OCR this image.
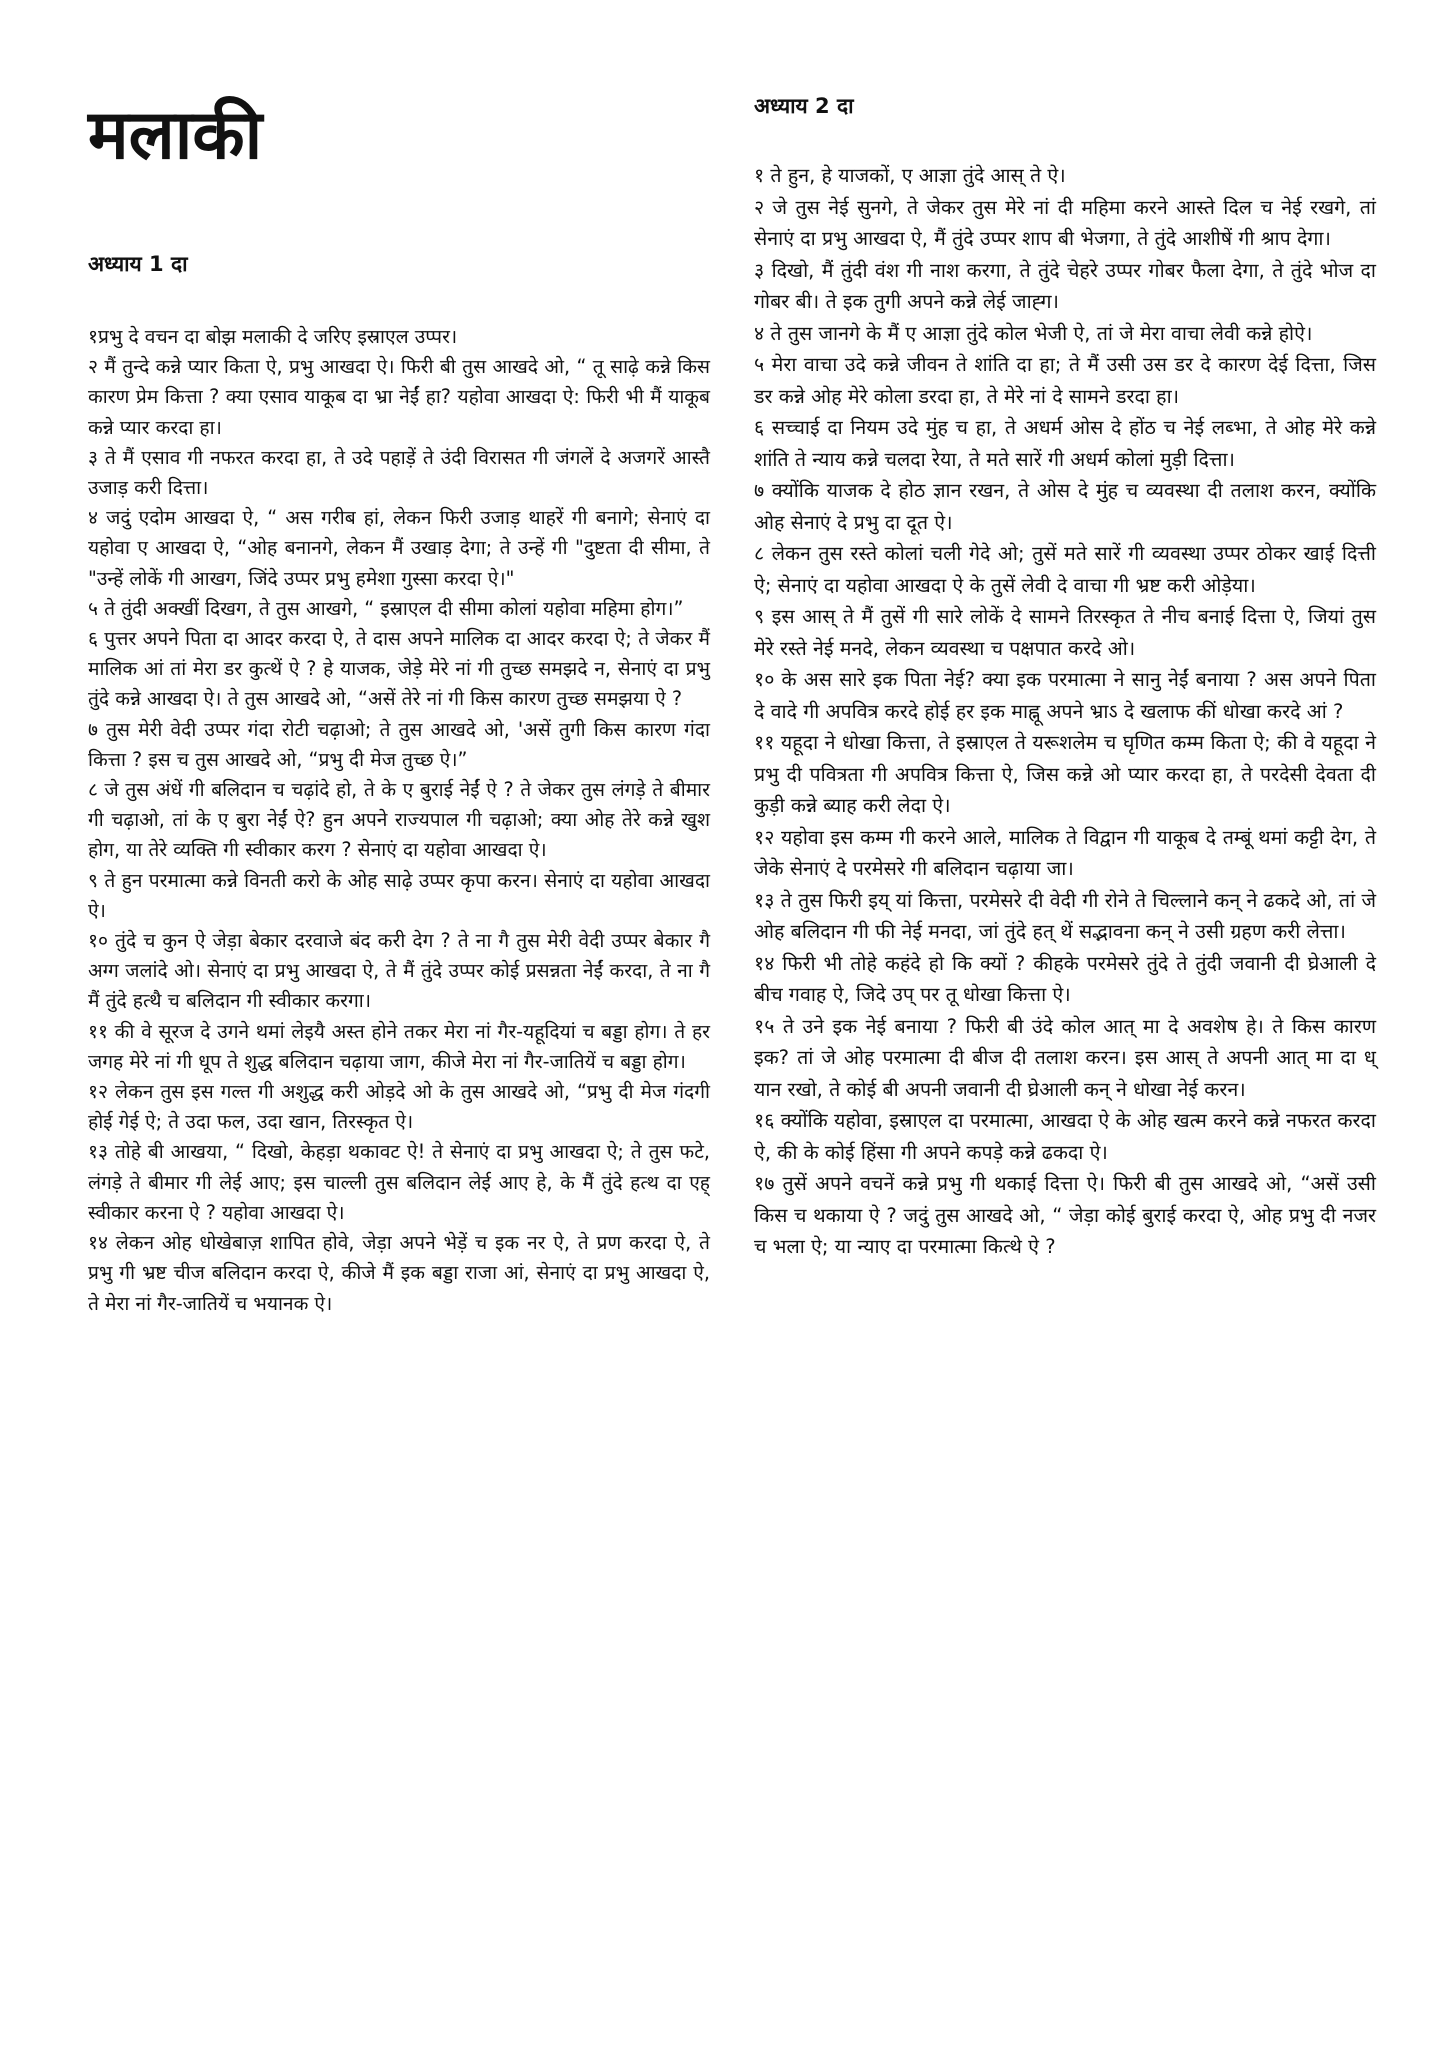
मलाकी
अध्याय 1 दा

१प्रभु दे वचन दा बोझ मलाकी दे जरिए इस्राएल उप्पर।

२ मैं तुन्दे कन्ने प्यार किता ऐ, प्रभु आखदा ऐ। फिरी बी तुस आखदे ओ, “ तू साढ़े कन्ने किस कारण प्रेम कित्ता ? क्या एसाव याकूब दा भ्रा नेईं हा? यहोवा आखदा ऐ: फिरी भी मैं याकूब कन्ने प्यार करदा हा।

३ ते मैं एसाव गी नफरत करदा हा, ते उदे पहाड़ें ते उंदी विरासत गी जंगलें दे अजगरें आस्तै उजाड़ करी दित्ता।

४ जदुं एदोम आखदा ऐ, “ अस गरीब हां, लेकन फिरी उजाड़ थाहरें गी बनागे; सेनाएं दा यहोवा ए आखदा ऐ, “ओह बनानगे, लेकन मैं उखाड़ देगा; ते उन्हें गी "दुष्टता दी सीमा, ते "उन्हें लोकें गी आखग, जिंदे उप्पर प्रभु हमेशा गुस्सा करदा ऐ।"

५ ते तुंदी अक्खीं दिखग, ते तुस आखगे, “ इस्राएल दी सीमा कोलां यहोवा महिमा होग।”

६ पुत्तर अपने पिता दा आदर करदा ऐ, ते दास अपने मालिक दा आदर करदा ऐ; ते जेकर मैं मालिक आं तां मेरा डर कुत्थें ऐ ? हे याजक, जेड़े मेरे नां गी तुच्छ समझदे न, सेनाएं दा प्रभु तुंदे कन्ने आखदा ऐ। ते तुस आखदे ओ, “असें तेरे नां गी किस कारण तुच्छ समझया ऐ ?

७ तुस मेरी वेदी उप्पर गंदा रोटी चढ़ाओ; ते तुस आखदे ओ, 'असें तुगी किस कारण गंदा कित्ता ? इस च तुस आखदे ओ, “प्रभु दी मेज तुच्छ ऐ।”

८ जे तुस अंधें गी बलिदान च चढ़ांदे हो, ते के ए बुराई नेईं ऐ ? ते जेकर तुस लंगड़े ते बीमार गी चढ़ाओ, तां के ए बुरा नेईं ऐ? हुन अपने राज्यपाल गी चढ़ाओ; क्या ओह तेरे कन्ने खुश होग, या तेरे व्यक्ति गी स्वीकार करग ? सेनाएं दा यहोवा आखदा ऐ।

९ ते हुन परमात्मा कन्ने विनती करो के ओह साढ़े उप्पर कृपा करन। सेनाएं दा यहोवा आखदा ऐ।

१० तुंदे च कुन ऐ जेड़ा बेकार दरवाजे बंद करी देग ? ते ना गै तुस मेरी वेदी उप्पर बेकार गै अग्ग जलांदे ओ। सेनाएं दा प्रभु आखदा ऐ, ते मैं तुंदे उप्पर कोई प्रसन्नता नेईं करदा, ते ना गै मैं तुंदे हत्थै च बलिदान गी स्वीकार करगा।

११ की वे सूरज दे उगने थमां लेइयै अस्त होने तकर मेरा नां गैर-यहूदियां च बड्डा होग। ते हर जगह मेरे नां गी धूप ते शुद्ध बलिदान चढ़ाया जाग, कीजे मेरा नां गैर-जातियें च बड्डा होग।

१२ लेकन तुस इस गल्त गी अशुद्ध करी ओड़दे ओ के तुस आखदे ओ, “प्रभु दी मेज गंदगी होई गेई ऐ; ते उदा फल, उदा खान, तिरस्कृत ऐ।

१३ तोहे बी आखया, “ दिखो, केहड़ा थकावट ऐ! ते सेनाएं दा प्रभु आखदा ऐ; ते तुस फटे, लंगड़े ते बीमार गी लेई आए; इस चाल्ली तुस बलिदान लेई आए हे, के मैं तुंदे हत्थ दा एह् स्वीकार करना ऐ ? यहोवा आखदा ऐ।

१४ लेकन ओह धोखेबाज़ शापित होवे, जेड़ा अपने भेड़ें च इक नर ऐ, ते प्रण करदा ऐ, ते प्रभु गी भ्रष्ट चीज बलिदान करदा ऐ, कीजे मैं इक बड्डा राजा आं, सेनाएं दा प्रभु आखदा ऐ, ते मेरा नां गैर-जातियें च भयानक ऐ।

अध्याय 2 दा

१ ते हुन, हे याजकों, ए आज्ञा तुंदे आस् ते ऐ।

२ जे तुस नेई सुनगे, ते जेकर तुस मेरे नां दी महिमा करने आस्ते दिल च नेई रखगे, तां सेनाएं दा प्रभु आखदा ऐ, मैं तुंदे उप्पर शाप बी भेजगा, ते तुंदे आशीषें गी श्राप देगा।

३ दिखो, मैं तुंदी वंश गी नाश करगा, ते तुंदे चेहरे उप्पर गोबर फैला देगा, ते तुंदे भोज दा गोबर बी। ते इक तुगी अपने कन्ने लेई जाह्ग।

४ ते तुस जानगे के मैं ए आज्ञा तुंदे कोल भेजी ऐ, तां जे मेरा वाचा लेवी कन्ने होऐ।

५ मेरा वाचा उदे कन्ने जीवन ते शांति दा हा; ते मैं उसी उस डर दे कारण देई दित्ता, जिस डर कन्ने ओह मेरे कोला डरदा हा, ते मेरे नां दे सामने डरदा हा।

६ सच्चाई दा नियम उदे मुंह च हा, ते अधर्म ओस दे होंठ च नेई लब्भा, ते ओह मेरे कन्ने शांति ते न्याय कन्ने चलदा रेया, ते मते सारें गी अधर्म कोलां मुड़ी दित्ता।

७ क्योंकि याजक दे होठ ज्ञान रखन, ते ओस दे मुंह च व्यवस्था दी तलाश करन, क्योंकि ओह सेनाएं दे प्रभु दा दूत ऐ।

८ लेकन तुस रस्ते कोलां चली गेदे ओ; तुसें मते सारें गी व्यवस्था उप्पर ठोकर खाई दित्ती ऐ; सेनाएं दा यहोवा आखदा ऐ के तुसें लेवी दे वाचा गी भ्रष्ट करी ओड़ेया।

९ इस आस् ते मैं तुसें गी सारे लोकें दे सामने तिरस्कृत ते नीच बनाई दित्ता ऐ, जियां तुस मेरे रस्ते नेई मनदे, लेकन व्यवस्था च पक्षपात करदे ओ।

१० के अस सारे इक पिता नेई? क्या इक परमात्मा ने सानु नेईं बनाया ? अस अपने पिता दे वादे गी अपवित्र करदे होई हर इक माह्नू अपने भ्राऽ दे खलाफ कीं धोखा करदे आं ?

११ यहूदा ने धोखा कित्ता, ते इस्राएल ते यरूशलेम च घृणित कम्म किता ऐ; की वे यहूदा ने प्रभु दी पवित्रता गी अपवित्र कित्ता ऐ, जिस कन्ने ओ प्यार करदा हा, ते परदेसी देवता दी कुड़ी कन्ने ब्याह करी लेदा ऐ।

१२ यहोवा इस कम्म गी करने आले, मालिक ते विद्वान गी याकूब दे तम्बूं थमां कट्टी देग, ते जेके सेनाएं दे परमेसरे गी बलिदान चढ़ाया जा।

१३ ते तुस फिरी इय् यां कित्ता, परमेसरे दी वेदी गी रोने ते चिल्लाने कन् ने ढकदे ओ, तां जे ओह बलिदान गी फी नेई मनदा, जां तुंदे हत् थें सद्भावना कन् ने उसी ग्रहण करी लेत्ता।

१४ फिरी भी तोहे कहंदे हो कि क्यों ? कीहके परमेसरे तुंदे ते तुंदी जवानी दी घ्रेआली दे बीच गवाह ऐ, जिदे उप् पर तू धोखा कित्ता ऐ।

१५ ते उने इक नेई बनाया ? फिरी बी उंदे कोल आत् मा दे अवशेष हे। ते किस कारण इक? तां जे ओह परमात्मा दी बीज दी तलाश करन। इस आस् ते अपनी आत् मा दा ध् यान रखो, ते कोई बी अपनी जवानी दी घ्रेआली कन् ने धोखा नेई करन।

१६ क्योंकि यहोवा, इस्राएल दा परमात्मा, आखदा ऐ के ओह खत्म करने कन्ने नफरत करदा ऐ, की के कोई हिंसा गी अपने कपड़े कन्ने ढकदा ऐ।

१७ तुसें अपने वचनें कन्ने प्रभु गी थकाई दित्ता ऐ। फिरी बी तुस आखदे ओ, “असें उसी किस च थकाया ऐ ? जदुं तुस आखदे ओ, “ जेड़ा कोई बुराई करदा ऐ, ओह प्रभु दी नजर च भला ऐ; या न्याए दा परमात्मा कित्थे ऐ ?
